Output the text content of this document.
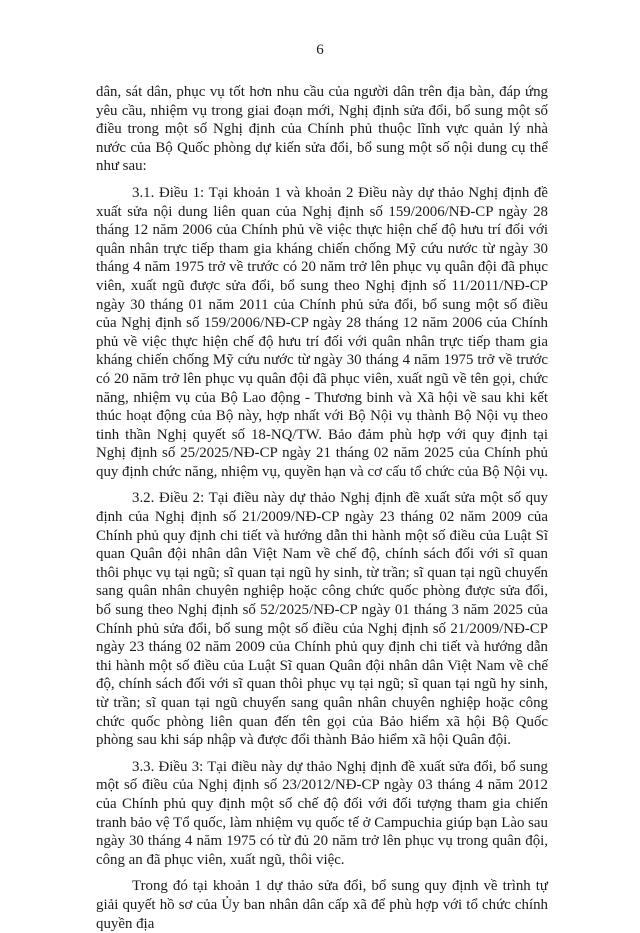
6

dân, sát dân, phục vụ tốt hơn nhu cầu của người dân trên địa bàn, đáp ứng yêu cầu, nhiệm vụ trong giai đoạn mới, Nghị định sửa đổi, bổ sung một số điều trong một số Nghị định của Chính phủ thuộc lĩnh vực quản lý nhà nước của Bộ Quốc phòng dự kiến sửa đổi, bổ sung một số nội dung cụ thể như sau:

3.1. Điều 1: Tại khoản 1 và khoản 2 Điều này dự thảo Nghị định đề xuất sửa nội dung liên quan của Nghị định số 159/2006/NĐ-CP ngày 28 tháng 12 năm 2006 của Chính phủ về việc thực hiện chế độ hưu trí đối với quân nhân trực tiếp tham gia kháng chiến chống Mỹ cứu nước từ ngày 30 tháng 4 năm 1975 trở về trước có 20 năm trở lên phục vụ quân đội đã phục viên, xuất ngũ được sửa đổi, bổ sung theo Nghị định số 11/2011/NĐ-CP ngày 30 tháng 01 năm 2011 của Chính phủ sửa đổi, bổ sung một số điều của Nghị định số 159/2006/NĐ-CP ngày 28 tháng 12 năm 2006 của Chính phủ về việc thực hiện chế độ hưu trí đối với quân nhân trực tiếp tham gia kháng chiến chống Mỹ cứu nước từ ngày 30 tháng 4 năm 1975 trở về trước có 20 năm trở lên phục vụ quân đội đã phục viên, xuất ngũ về tên gọi, chức năng, nhiệm vụ của Bộ Lao động - Thương binh và Xã hội về sau khi kết thúc hoạt động của Bộ này, hợp nhất với Bộ Nội vụ thành Bộ Nội vụ theo tinh thần Nghị quyết số 18-NQ/TW. Bảo đảm phù hợp với quy định tại Nghị định số 25/2025/NĐ-CP ngày 21 tháng 02 năm 2025 của Chính phủ quy định chức năng, nhiệm vụ, quyền hạn và cơ cấu tổ chức của Bộ Nội vụ.

3.2. Điều 2: Tại điều này dự thảo Nghị định đề xuất sửa một số quy định của Nghị định số 21/2009/NĐ-CP ngày 23 tháng 02 năm 2009 của Chính phủ quy định chi tiết và hướng dẫn thi hành một số điều của Luật Sĩ quan Quân đội nhân dân Việt Nam về chế độ, chính sách đối với sĩ quan thôi phục vụ tại ngũ; sĩ quan tại ngũ hy sinh, từ trần; sĩ quan tại ngũ chuyển sang quân nhân chuyên nghiệp hoặc công chức quốc phòng được sửa đổi, bổ sung theo Nghị định số 52/2025/NĐ-CP ngày 01 tháng 3 năm 2025 của Chính phủ sửa đổi, bổ sung một số điều của Nghị định số 21/2009/NĐ-CP ngày 23 tháng 02 năm 2009 của Chính phủ quy định chi tiết và hướng dẫn thi hành một số điều của Luật Sĩ quan Quân đội nhân dân Việt Nam về chế độ, chính sách đối với sĩ quan thôi phục vụ tại ngũ; sĩ quan tại ngũ hy sinh, từ trần; sĩ quan tại ngũ chuyển sang quân nhân chuyên nghiệp hoặc công chức quốc phòng liên quan đến tên gọi của Bảo hiểm xã hội Bộ Quốc phòng sau khi sáp nhập và được đổi thành Bảo hiểm xã hội Quân đội.

3.3. Điều 3: Tại điều này dự thảo Nghị định đề xuất sửa đổi, bổ sung một số điều của Nghị định số 23/2012/NĐ-CP ngày 03 tháng 4 năm 2012 của Chính phủ quy định một số chế độ đối với đối tượng tham gia chiến tranh bảo vệ Tổ quốc, làm nhiệm vụ quốc tế ở Campuchia giúp bạn Lào sau ngày 30 tháng 4 năm 1975 có từ đủ 20 năm trở lên phục vụ trong quân đội, công an đã phục viên, xuất ngũ, thôi việc.

Trong đó tại khoản 1 dự thảo sửa đổi, bổ sung quy định về trình tự giải quyết hồ sơ của Ủy ban nhân dân cấp xã để phù hợp với tổ chức chính quyền địa
